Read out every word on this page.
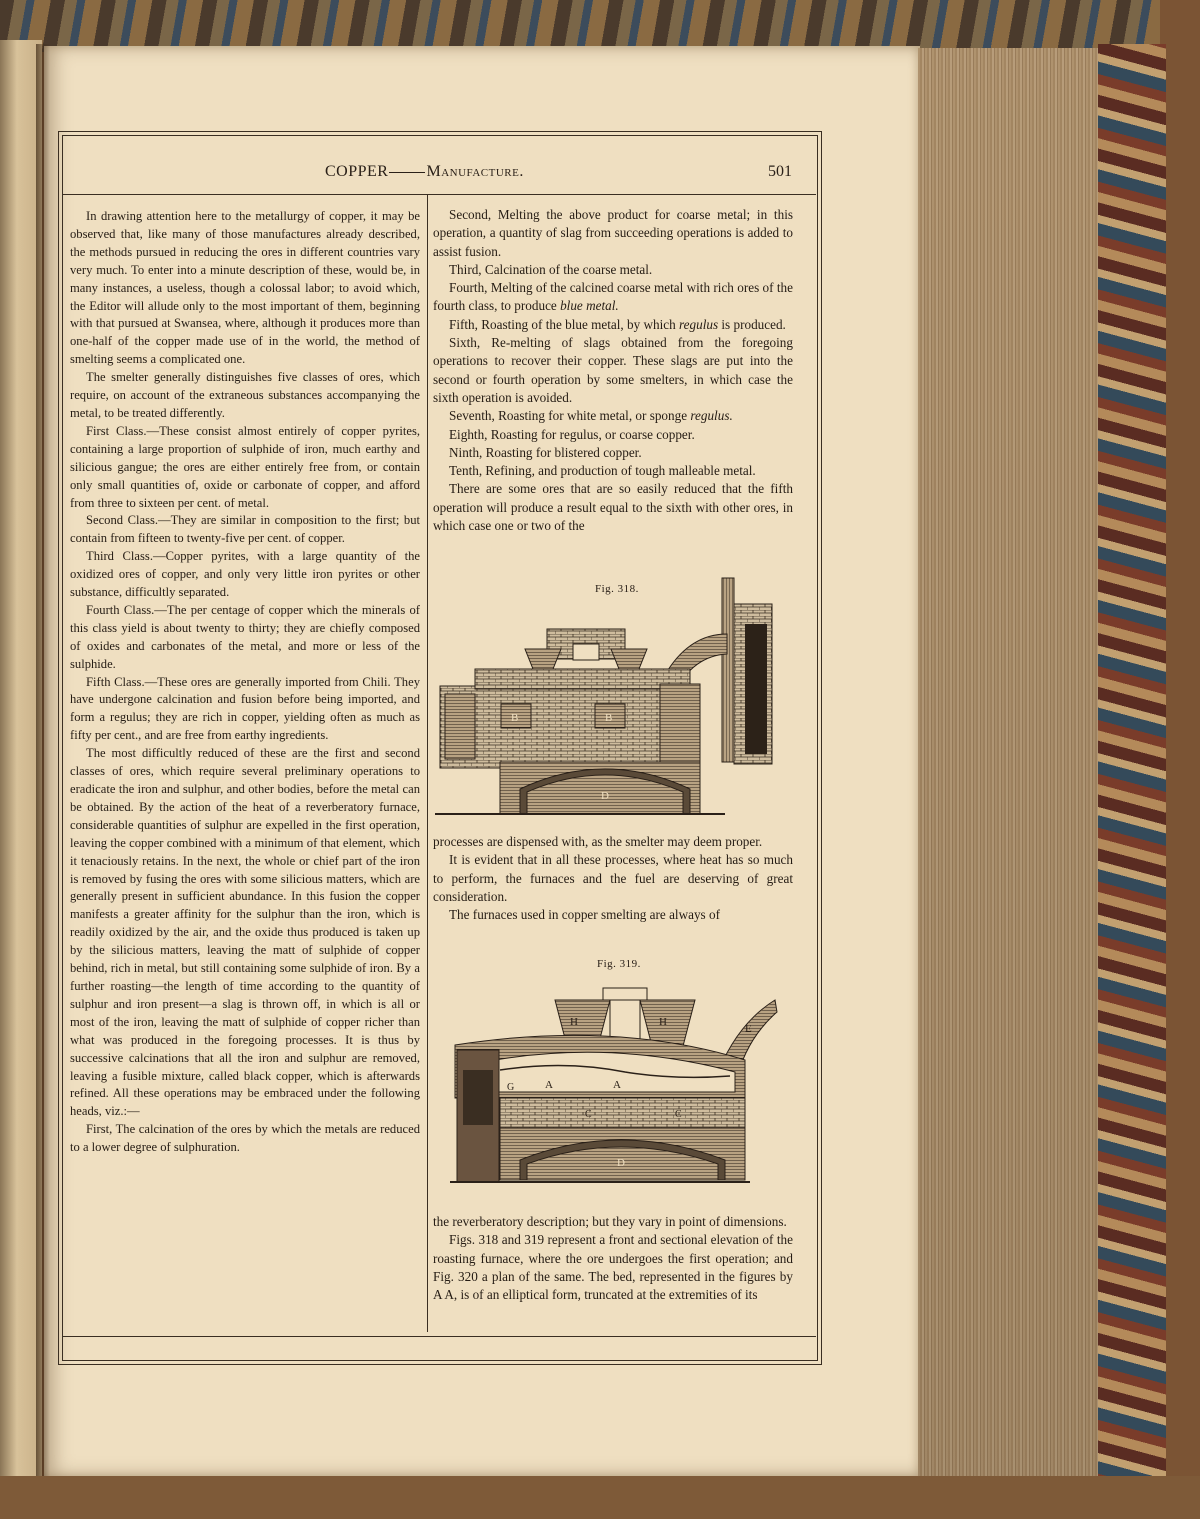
COPPER Manufacture.	501

In drawing attention here to the metallurgy of copper, it may be observed that, like many of those manufactures already described, the methods pursued in reducing the ores in different countries vary very much. To enter into a minute description of these, would be, in many instances, a useless, though a colossal labor; to avoid which, the Editor will allude only to the most important of them, beginning with that pursued at Swansea, where, although it produces more than one-half of the copper made use of in the world, the method of smelting seems a complicated one.

The smelter generally distinguishes five classes of ores, which require, on account of the extraneous substances accompanying the metal, to be treated differently.

First Class.—These consist almost entirely of copper pyrites, containing a large proportion of sulphide of iron, much earthy and silicious gangue; the ores are either entirely free from, or contain only small quantities of, oxide or carbonate of copper, and afford from three to sixteen per cent. of metal.

Second Class.—They are similar in composition to the first; but contain from fifteen to twenty-five per cent. of copper.

Third Class.—Copper pyrites, with a large quantity of the oxidized ores of copper, and only very little iron pyrites or other substance, difficultly separated.

Fourth Class.—The per centage of copper which the minerals of this class yield is about twenty to thirty; they are chiefly composed of oxides and carbonates of the metal, and more or less of the sulphide.

Fifth Class.—These ores are generally imported from Chili. They have undergone calcination and fusion before being imported, and form a regulus; they are rich in copper, yielding often as much as fifty per cent., and are free from earthy ingredients.

The most difficultly reduced of these are the first and second classes of ores, which require several preliminary operations to eradicate the iron and sulphur, and other bodies, before the metal can be obtained. By the action of the heat of a reverberatory furnace, considerable quantities of sulphur are expelled in the first operation, leaving the copper combined with a minimum of that element, which it tenaciously retains. In the next, the whole or chief part of the iron is removed by fusing the ores with some silicious matters, which are generally present in sufficient abundance. In this fusion the copper manifests a greater affinity for the sulphur than the iron, which is readily oxidized by the air, and the oxide thus produced is taken up by the silicious matters, leaving the matt of sulphide of copper behind, rich in metal, but still containing some sulphide of iron. By a further roasting—the length of time according to the quantity of sulphur and iron present—a slag is thrown off, in which is all or most of the iron, leaving the matt of sulphide of copper richer than what was produced in the foregoing processes. It is thus by successive calcinations that all the iron and sulphur are removed, leaving a fusible mixture, called black copper, which is afterwards refined. All these operations may be embraced under the following heads, viz.:—

First, The calcination of the ores by which the metals are reduced to a lower degree of sulphuration.

Second, Melting the above product for coarse metal; in this operation, a quantity of slag from succeeding operations is added to assist fusion.

Third, Calcination of the coarse metal.

Fourth, Melting of the calcined coarse metal with rich ores of the fourth class, to produce blue metal.

Fifth, Roasting of the blue metal, by which regulus is produced.

Sixth, Re-melting of slags obtained from the foregoing operations to recover their copper. These slags are put into the second or fourth operation by some smelters, in which case the sixth operation is avoided.

Seventh, Roasting for white metal, or sponge regulus.

Eighth, Roasting for regulus, or coarse copper.

Ninth, Roasting for blistered copper.

Tenth, Refining, and production of tough malleable metal.

There are some ores that are so easily reduced that the fifth operation will produce a result equal to the sixth with other ores, in which case one or two of the

Fig. 318.
B	B
D

processes are dispensed with, as the smelter may deem proper.

It is evident that in all these processes, where heat has so much to perform, the furnaces and the fuel are deserving of great consideration.

The furnaces used in copper smelting are always of

Fig. 319.
H	H
E
A	A
G
C	C
D

the reverberatory description; but they vary in point of dimensions.

Figs. 318 and 319 represent a front and sectional elevation of the roasting furnace, where the ore undergoes the first operation; and Fig. 320 a plan of the same. The bed, represented in the figures by A A, is of an elliptical form, truncated at the extremities of its
